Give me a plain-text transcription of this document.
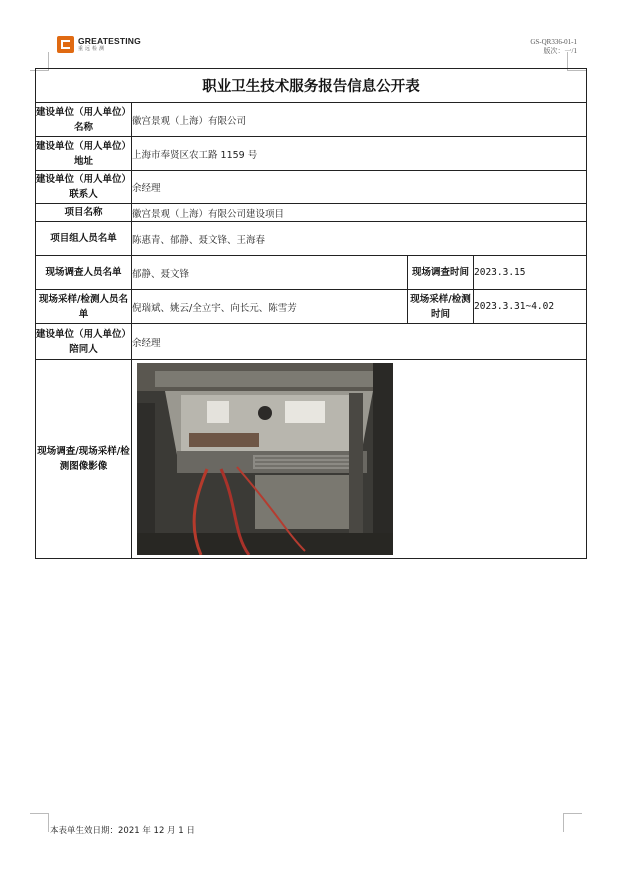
GREATESTING
重远检测
GS-QR336-01-1
版次：一/1
职业卫生技术服务报告信息公开表			
建设单位（用人单位）名称	徽宫景观（上海）有限公司		
建设单位（用人单位）地址	上海市奉贤区农工路 1159 号		
建设单位（用人单位）联系人	余经理		
项目名称	徽宫景观（上海）有限公司建设项目		
项目组人员名单	陈惠青、郁静、聂文锋、王海春		
现场调查人员名单	郁静、聂文锋	现场调查时间	2023.3.15
现场采样/检测人员名单	倪瑞斌、姚云/全立宇、向长元、陈雪芳	现场采样/检测时间	2023.3.31~4.02
建设单位（用人单位）陪同人	余经理		
现场调查/现场采样/检测图像影像	
本表单生效日期：2021 年 12 月 1 日
